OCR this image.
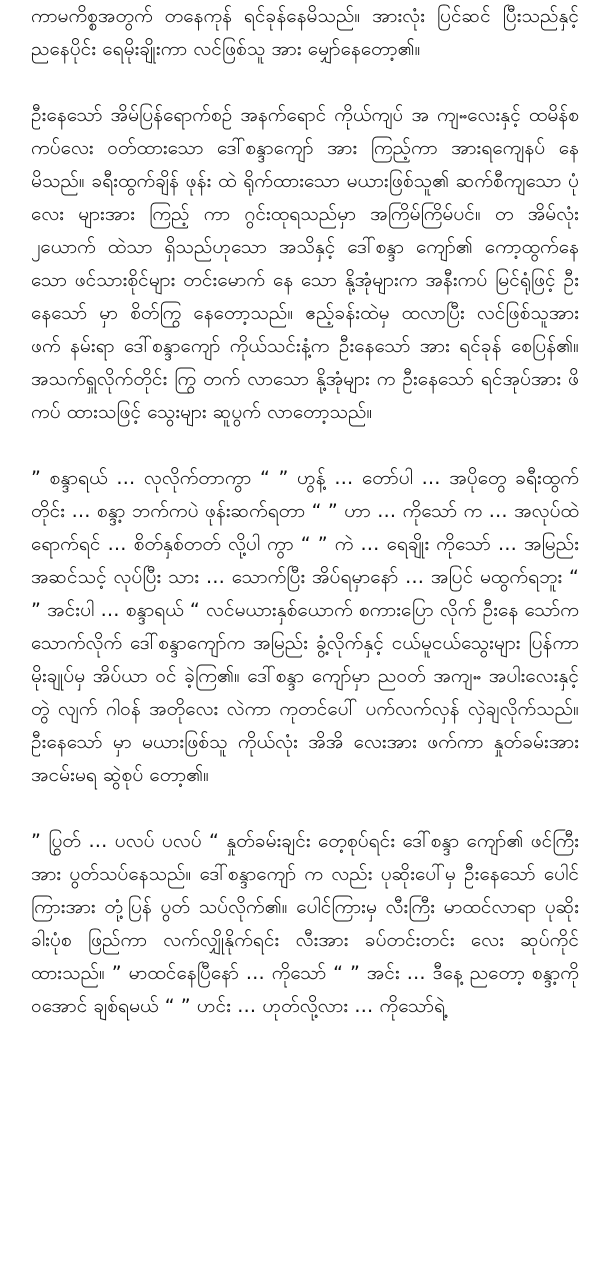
ကာမကိစ္စအတွက် တနေကုန် ရင်ခုန်နေမိသည်။ အားလုံး ပြင်ဆင် ပြီးသည်နှင့် ညနေပိုင်း ရေမိုးချိုးကာ လင်ဖြစ်သူ အား မျှော်နေတော့၏။

ဦးနေသော် အိမ်ပြန်ရောက်စဉ် အနက်ရောင် ကိုယ်ကျပ် အ ကျႌလေးနှင့် ထမိန်စကပ်လေး ဝတ်ထားသော ဒေါ်စန္ဒာကျော် အား ကြည့်ကာ အားရကျေနပ် နေမိသည်။ ခရီးထွက်ချိန် ဖုန်း ထဲ ရိုက်ထားသော မယားဖြစ်သူ၏ ဆက်စီကျသော ပုံလေး များအား ကြည့် ကာ ဂွင်းထုရသည်မှာ အကြိမ်ကြိမ်ပင်။ တ အိမ်လုံး ၂ယောက် ထဲသာ ရှိသည်ဟုသော အသိနှင့် ဒေါ်စန္ဒာ ကျော်၏ ကော့ထွက်နေ သော ဖင်သားစိုင်များ တင်းမောက် နေ သော နို့အုံများက အနီးကပ် မြင်ရုံဖြင့် ဦးနေသော် မှာ စိတ်ကြွ နေတော့သည်။ ဧည့်ခန်းထဲမှ ထလာပြီး လင်ဖြစ်သူအား ဖက် နမ်းရာ ဒေါ်စန္ဒာကျော် ကိုယ်သင်းနံ့က ဦးနေသော် အား ရင်ခုန် စေပြန်၏။ အသက်ရှူလိုက်တိုင်း ကြွ တက် လာသော နို့အုံများ က ဦးနေသော် ရင်အုပ်အား ဖိကပ် ထားသဖြင့် သွေးများ ဆူပွက် လာတော့သည်။

” စန္ဒာရယ် … လုလိုက်တာကွာ “ ” ဟွန့် … တော်ပါ … အပိုတွေ ခရီးထွက်တိုင်း … စန္ဒာ့ ဘက်ကပဲ ဖုန်းဆက်ရတာ “ ” ဟာ … ကိုသော် က … အလုပ်ထဲရောက်ရင် … စိတ်နှစ်တတ် လို့ပါ ကွာ “ ” ကဲ … ရေချိုး ကိုသော် … အမြည်း အဆင်သင့် လုပ်ပြီး သား … သောက်ပြီး အိပ်ရမှာနော် … အပြင် မထွက်ရဘူး “ ” အင်းပါ … စန္ဒာရယ် “ လင်မယားနှစ်ယောက် စကားပြော လိုက် ဦးနေ သော်က သောက်လိုက် ဒေါ်စန္ဒာကျော်က အမြည်း ခွံ့လိုက်နှင့် ငယ်မူငယ်သွေးများ ပြန်ကာ မိုးချုပ်မှ အိပ်ယာ ဝင် ခဲ့ကြ၏။ ဒေါ်စန္ဒာ ကျော်မှာ ညဝတ် အကျႌ အပါးလေးနှင့် တွဲ လျက် ဂါဝန် အတိုလေး လဲကာ ကုတင်ပေါ် ပက်လက်လှန် လှဲချလိုက်သည်။ ဦးနေသော် မှာ မယားဖြစ်သူ ကိုယ်လုံး အိအိ လေးအား ဖက်ကာ နှုတ်ခမ်းအား အငမ်းမရ ဆွဲစုပ် တော့၏။

” ပြွတ် … ပလပ် ပလပ် “ နှုတ်ခမ်းချင်း တေ့စုပ်ရင်း ဒေါ်စန္ဒာ ကျော်၏ ဖင်ကြီးအား ပွတ်သပ်နေသည်။ ဒေါ်စန္ဒာကျော် က လည်း ပုဆိုးပေါ်မှ ဦးနေသော် ပေါင်ကြားအား တုံ့ပြန် ပွတ် သပ်လိုက်၏။ ပေါင်ကြားမှ လီးကြီး မာထင်လာရာ ပုဆိုး ခါးပုံစ ဖြည်ကာ လက်လျှိုနိုက်ရင်း လီးအား ခပ်တင်းတင်း လေး ဆုပ်ကိုင် ထားသည်။ ” မာထင်နေပြီနော် … ကိုသော် “ ” အင်း … ဒီနေ့ ညတော့ စန္ဒာ့ကို ဝအောင် ချစ်ရမယ် “ ” ဟင်း … ဟုတ်လို့လား … ကိုသော်ရဲ့
